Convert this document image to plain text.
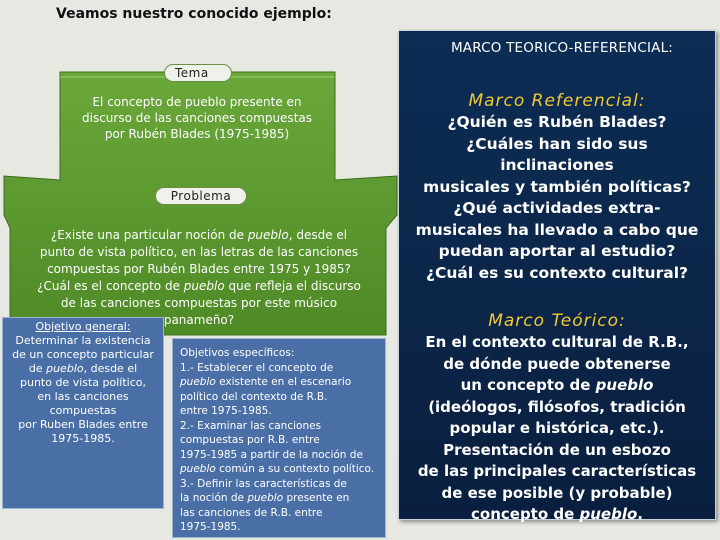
Veamos nuestro conocido ejemplo:
Tema
El concepto de pueblo presente en
discurso de las canciones compuestas
por Rubén Blades (1975-1985)
Problema
¿Existe una particular noción de pueblo, desde el
punto de vista político, en las letras de las canciones
compuestas por Rubén Blades entre 1975 y 1985?
¿Cuál es el concepto de pueblo que refleja el discurso
de las canciones compuestas por este músico
panameño?
Objetivo general:
Determinar la existencia
de un concepto particular
de pueblo, desde el
punto de vista político,
en las canciones compuestas
por Ruben Blades entre
1975-1985.
Objetivos específicos:
1.- Establecer el concepto de
pueblo existente en el escenario
político del contexto de R.B.
entre 1975-1985.
2.- Examinar las canciones
compuestas por R.B. entre
1975-1985 a partir de la noción de
pueblo común a su contexto político.
3.- Definir las características de
la noción de pueblo presente en
las canciones de R.B. entre
1975-1985.
MARCO TEORICO-REFERENCIAL:
Marco Referencial:
¿Quién es Rubén Blades?
¿Cuáles han sido sus inclinaciones
musicales y también políticas?
¿Qué actividades extra-
musicales ha llevado a cabo que
puedan aportar al estudio?
¿Cuál es su contexto cultural?
Marco Teórico:
En el contexto cultural de R.B.,
de dónde puede obtenerse
un concepto de pueblo
(ideólogos, filósofos, tradición
popular e histórica, etc.).
Presentación de un esbozo
de las principales características
de ese posible (y probable)
concepto de pueblo.
